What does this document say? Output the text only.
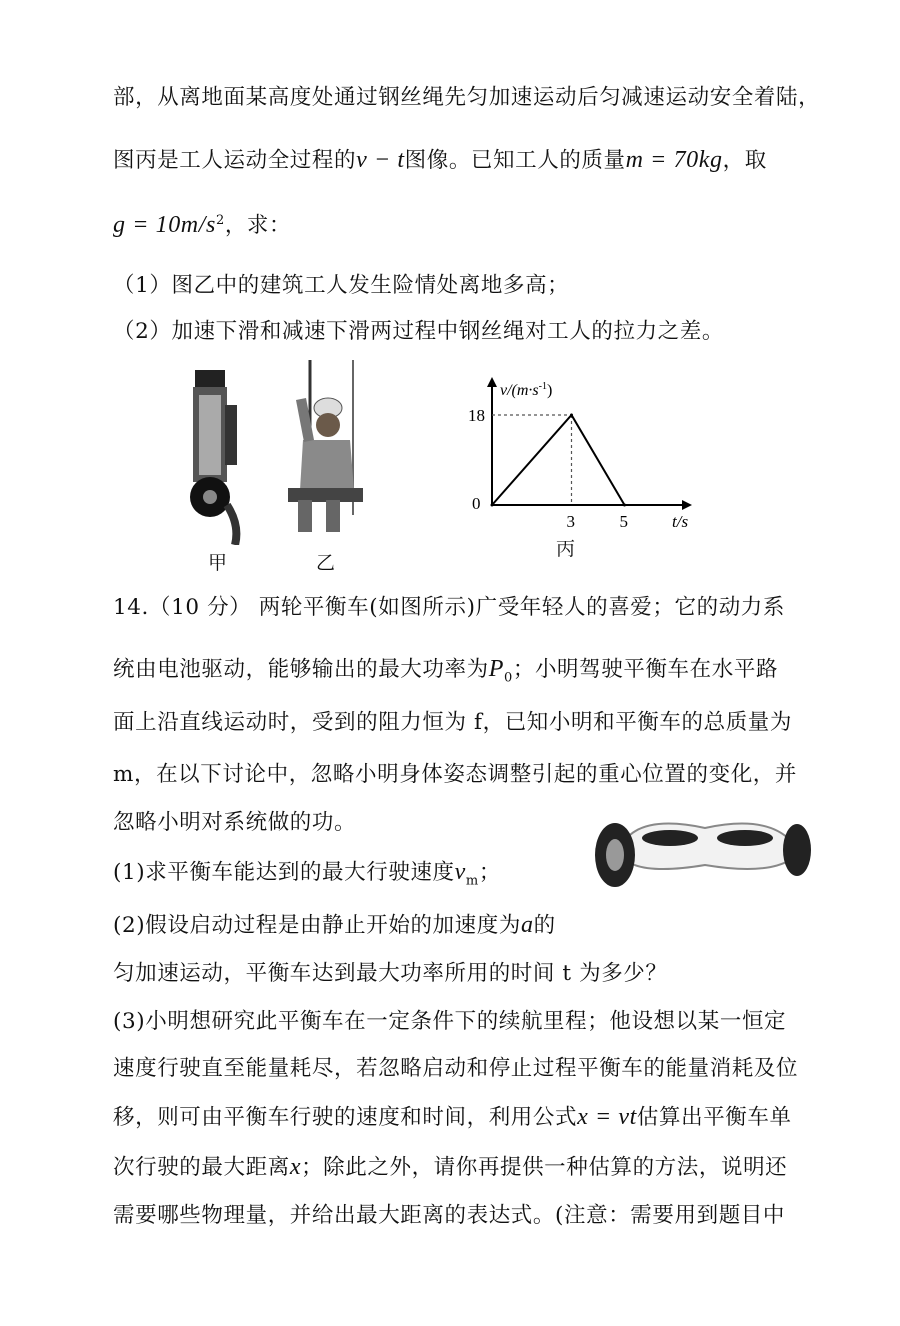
部，从离地面某高度处通过钢丝绳先匀加速运动后匀减速运动安全着陆，
图丙是工人运动全过程的v − t图像。已知工人的质量m = 70kg，取
$g = 10m/s^2$，求：
（1）图乙中的建筑工人发生险情处离地多高；
（2）加速下滑和减速下滑两过程中钢丝绳对工人的拉力之差。
甲	乙
$v/(m\cdot s^{-1})$
t/s
0
3	5
18
丙
14.（10 分） 两轮平衡车(如图所示)广受年轻人的喜爱；它的动力系
统由电池驱动，能够输出的最大功率为$P_0$；小明驾驶平衡车在水平路
面上沿直线运动时，受到的阻力恒为 f，已知小明和平衡车的总质量为
m，在以下讨论中，忽略小明身体姿态调整引起的重心位置的变化，并
忽略小明对系统做的功。
(1)求平衡车能达到的最大行驶速度$v_m$；
(2)假设启动过程是由静止开始的加速度为a的
匀加速运动，平衡车达到最大功率所用的时间 t 为多少？
(3)小明想研究此平衡车在一定条件下的续航里程；他设想以某一恒定
速度行驶直至能量耗尽，若忽略启动和停止过程平衡车的能量消耗及位
移，则可由平衡车行驶的速度和时间，利用公式x = vt估算出平衡车单
次行驶的最大距离x；除此之外，请你再提供一种估算的方法，说明还
需要哪些物理量，并给出最大距离的表达式。(注意：需要用到题目中
